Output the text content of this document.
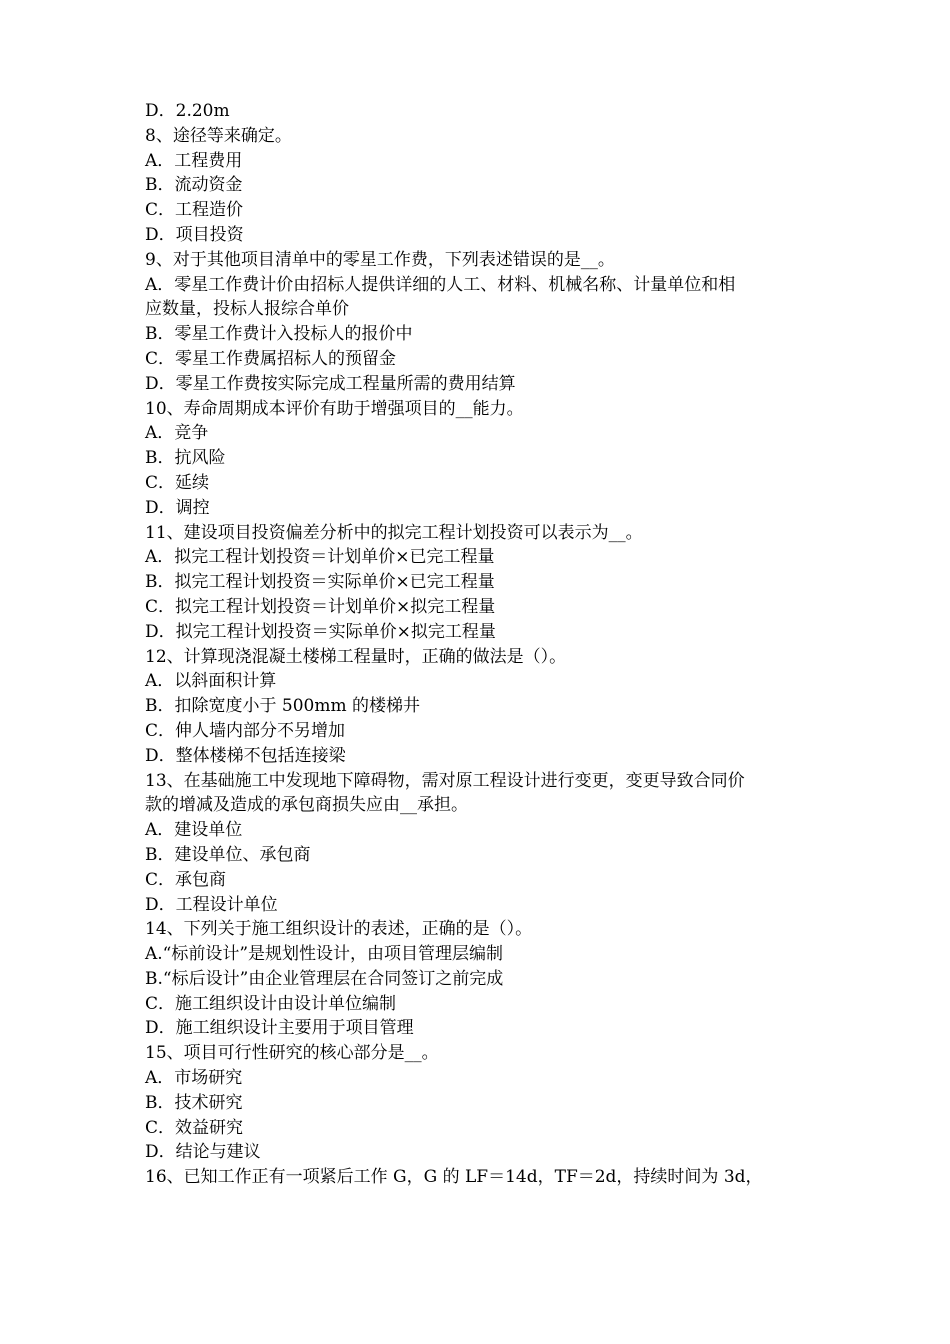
D．2.20m
8、途径等来确定。
A．工程费用
B．流动资金
C．工程造价
D．项目投资
9、对于其他项目清单中的零星工作费，下列表述错误的是__。
A．零星工作费计价由招标人提供详细的人工、材料、机械名称、计量单位和相
应数量，投标人报综合单价
B．零星工作费计入投标人的报价中
C．零星工作费属招标人的预留金
D．零星工作费按实际完成工程量所需的费用结算
10、寿命周期成本评价有助于增强项目的__能力。
A．竞争
B．抗风险
C．延续
D．调控
11、建设项目投资偏差分析中的拟完工程计划投资可以表示为__。
A．拟完工程计划投资＝计划单价×已完工程量
B．拟完工程计划投资＝实际单价×已完工程量
C．拟完工程计划投资＝计划单价×拟完工程量
D．拟完工程计划投资＝实际单价×拟完工程量
12、计算现浇混凝土楼梯工程量时，正确的做法是（）。
A．以斜面积计算
B．扣除宽度小于 500mm 的楼梯井
C．伸人墙内部分不另增加
D．整体楼梯不包括连接梁
13、在基础施工中发现地下障碍物，需对原工程设计进行变更，变更导致合同价
款的增减及造成的承包商损失应由__承担。
A．建设单位
B．建设单位、承包商
C．承包商
D．工程设计单位
14、下列关于施工组织设计的表述，正确的是（）。
A.“标前设计”是规划性设计，由项目管理层编制
B.“标后设计”由企业管理层在合同签订之前完成
C．施工组织设计由设计单位编制
D．施工组织设计主要用于项目管理
15、项目可行性研究的核心部分是__。
A．市场研究
B．技术研究
C．效益研究
D．结论与建议
16、已知工作正有一项紧后工作 G，G 的 LF＝14d，TF＝2d，持续时间为 3d，
